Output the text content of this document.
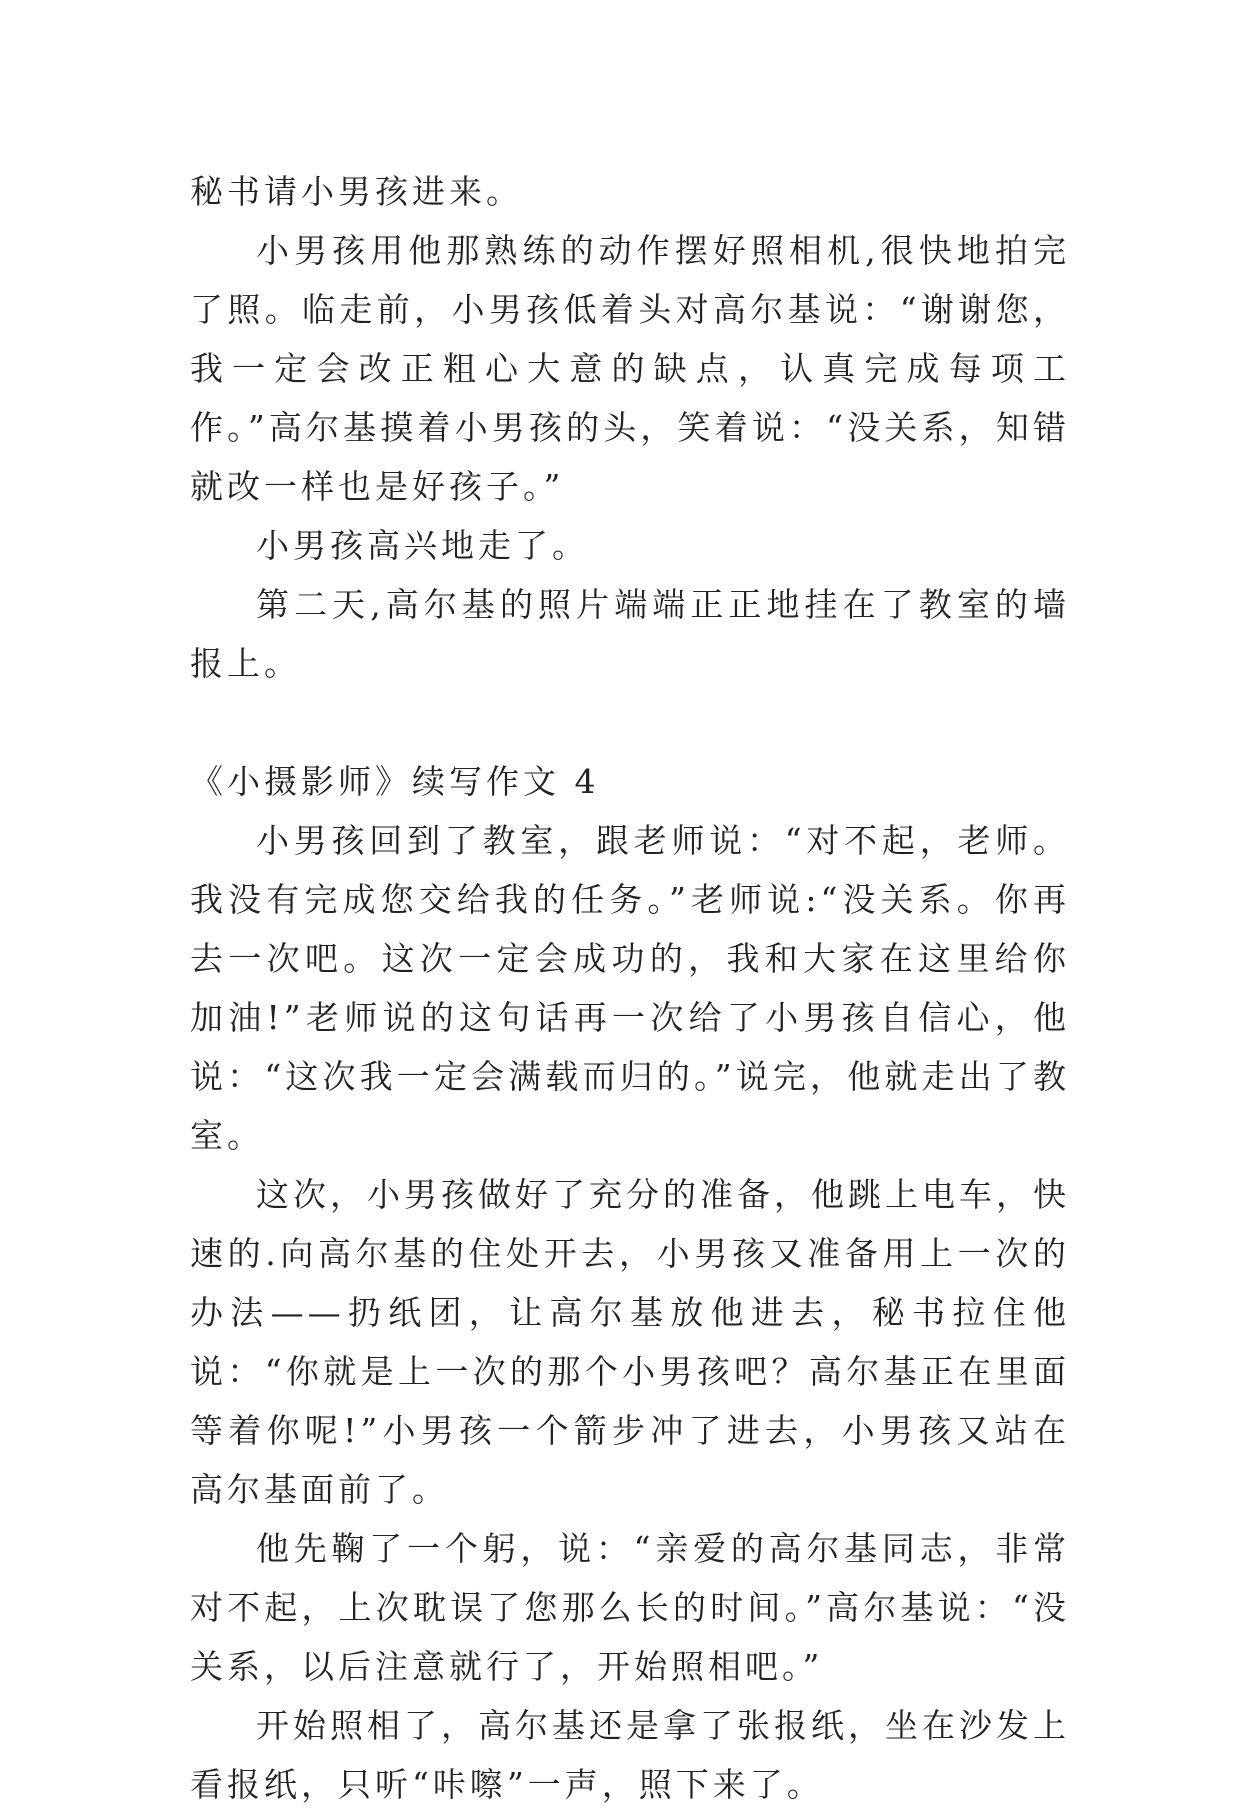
秘书请小男孩进来。

小男孩用他那熟练的动作摆好照相机,很快地拍完了照。临走前，小男孩低着头对高尔基说：“谢谢您，我一定会改正粗心大意的缺点，认真完成每项工作。”高尔基摸着小男孩的头，笑着说：“没关系，知错就改一样也是好孩子。”

小男孩高兴地走了。

第二天,高尔基的照片端端正正地挂在了教室的墙报上。

《小摄影师》续写作文 4

小男孩回到了教室，跟老师说：“对不起，老师。我没有完成您交给我的任务。”老师说:“没关系。你再去一次吧。这次一定会成功的，我和大家在这里给你加油!”老师说的这句话再一次给了小男孩自信心，他说：“这次我一定会满载而归的。”说完，他就走出了教室。

这次，小男孩做好了充分的准备，他跳上电车，快速的.向高尔基的住处开去，小男孩又准备用上一次的办法——扔纸团，让高尔基放他进去，秘书拉住他说：“你就是上一次的那个小男孩吧？高尔基正在里面等着你呢!”小男孩一个箭步冲了进去，小男孩又站在高尔基面前了。

他先鞠了一个躬，说：“亲爱的高尔基同志，非常对不起，上次耽误了您那么长的时间。”高尔基说：“没关系，以后注意就行了，开始照相吧。”

开始照相了，高尔基还是拿了张报纸，坐在沙发上看报纸，只听“咔嚓”一声，照下来了。
